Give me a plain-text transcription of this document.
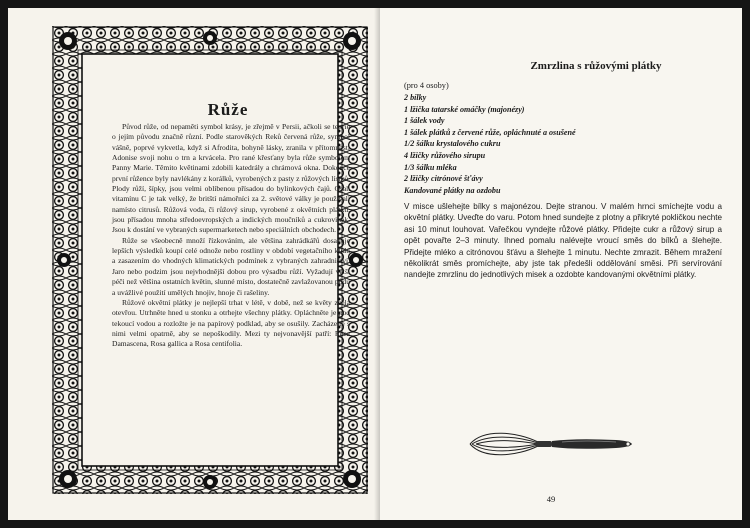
Růže

Původ růže, od nepaměti symbol krásy, je zřejmě v Persii, ačkoli se teorie o jejím původu značně různí. Podle starověkých Reků červená růže, symbol vášně, poprvé vykvetla, když si Afrodita, bohyně lásky, zranila v přítomnosti Adonise svoji nohu o trn a krvácela. Pro rané křesťany byla růže symbolem Panny Marie. Těmito květinami zdobili katedrály a chrámová okna. Dokonce první růžence byly navlékány z korálků, vyrobených z pasty z růžových lístků. Plody růží, šípky, jsou velmi oblíbenou přísadou do bylinkových čajů. Osah vitamínu C je tak velký, že britští námořníci za 2. světové války je používali namísto citrusů. Růžová voda, či růžový sirup, vyrobené z okvětních plátků, jsou přísadou mnoha středoevropských a indických moučníků a cukrovinek. Jsou k dostání ve vybraných supermarketech nebo speciálních obchodech.

Růže se všeobecně množí řízkováním, ale většina zahrádkářů dosahuje lepších výsledků koupí celé odnože nebo rostliny v období vegetačního klidu a zasazením do vhodných klimatických podmínek z vybraných zahradnictví. Jaro nebo podzim jsou nejvhodnější dobou pro výsadbu růží. Vyžadují větší péči než většina ostatních květin, slunné místo, dostatečně zavlažovanou půdu a uvážlivé použití umělých hnojiv, hnoje či rašeliny.

Růžové okvětní plátky je nejlepší trhat v létě, v době, než se květy zcela otevřou. Utrhněte hned u stonku a otrhejte všechny plátky. Opláchněte je pod tekoucí vodou a rozložte je na papírový podklad, aby se osušily. Zacházejte s nimi velmi opatrně, aby se nepoškodily. Mezi ty nejvonavější patří: Rosa Damascena, Rosa gallica a Rosa centifolia.

Zmrzlina s růžovými plátky
(pro 4 osoby)
2 bílky
1 lžička tatarské omáčky (majonézy)
1 šálek vody
1 šálek plátků z červené růže, opláchnuté a osušené
1/2 šálku krystalového cukru
4 lžičky růžového sirupu
1/3 šálku mléka
2 lžičky citrónové šťávy
Kandované plátky na ozdobu

V misce ušlehejte bílky s majonézou. Dejte stranou. V malém hrnci smíchejte vodu a okvětní plátky. Uveďte do varu. Potom hned sundejte z plotny a přikryté pokličkou nechte asi 10 minut louhovat. Vařečkou vyndejte růžové plátky. Přidejte cukr a růžový sirup a opět povařte 2–3 minuty. Ihned pomalu nalévejte vroucí směs do bílků a šlehejte. Přidejte mléko a citrónovou šťávu a šlehejte 1 minutu. Nechte zmrazit. Během mražení několikrát směs promíchejte, aby jste tak předešli oddělování směsi. Při servírování nandejte zmrzlinu do jednotlivých misek a ozdobte kandovanými okvětními plátky.

49
